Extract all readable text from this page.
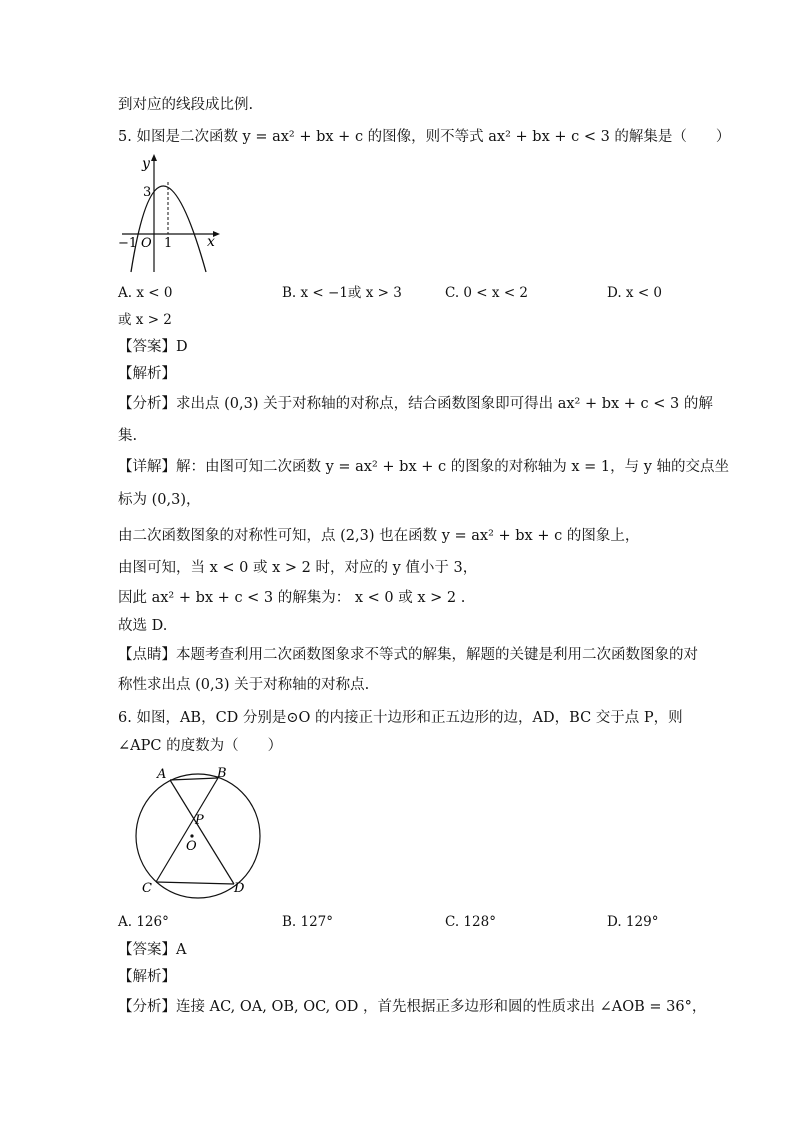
到对应的线段成比例.
5. 如图是二次函数 y = ax² + bx + c 的图像，则不等式 ax² + bx + c < 3 的解集是（　　）
y
x
3
1
−1 O
A. x < 0	B. x < −1或 x > 3	C. 0 < x < 2	D. x < 0
或 x > 2
【答案】D
【解析】
【分析】求出点 (0,3) 关于对称轴的对称点，结合函数图象即可得出 ax² + bx + c < 3 的解
集.
【详解】解：由图可知二次函数 y = ax² + bx + c 的图象的对称轴为 x = 1，与 y 轴的交点坐
标为 (0,3)，
由二次函数图象的对称性可知，点 (2,3) 也在函数 y = ax² + bx + c 的图象上，
由图可知，当 x < 0 或 x > 2 时，对应的 y 值小于 3，
因此 ax² + bx + c < 3 的解集为： x < 0 或 x > 2 .
故选 D.
【点睛】本题考查利用二次函数图象求不等式的解集，解题的关键是利用二次函数图象的对
称性求出点 (0,3) 关于对称轴的对称点.
6. 如图，AB，CD 分别是⊙O 的内接正十边形和正五边形的边，AD，BC 交于点 P，则
∠APC 的度数为（　　）
A	B
C	D
P
O
A. 126°	B. 127°	C. 128°	D. 129°
【答案】A
【解析】
【分析】连接 AC, OA, OB, OC, OD ，首先根据正多边形和圆的性质求出 ∠AOB = 36°，
